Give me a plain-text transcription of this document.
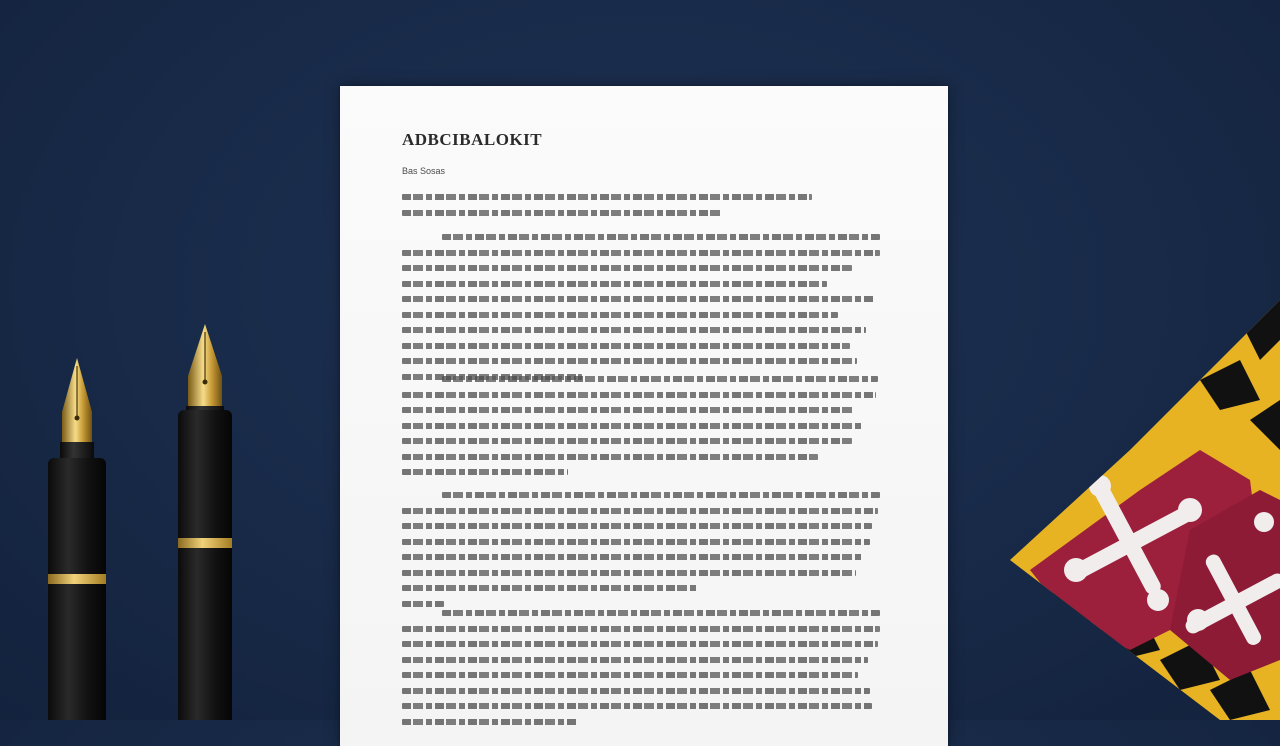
ADBCIBALOKIT
Bas Sosas
